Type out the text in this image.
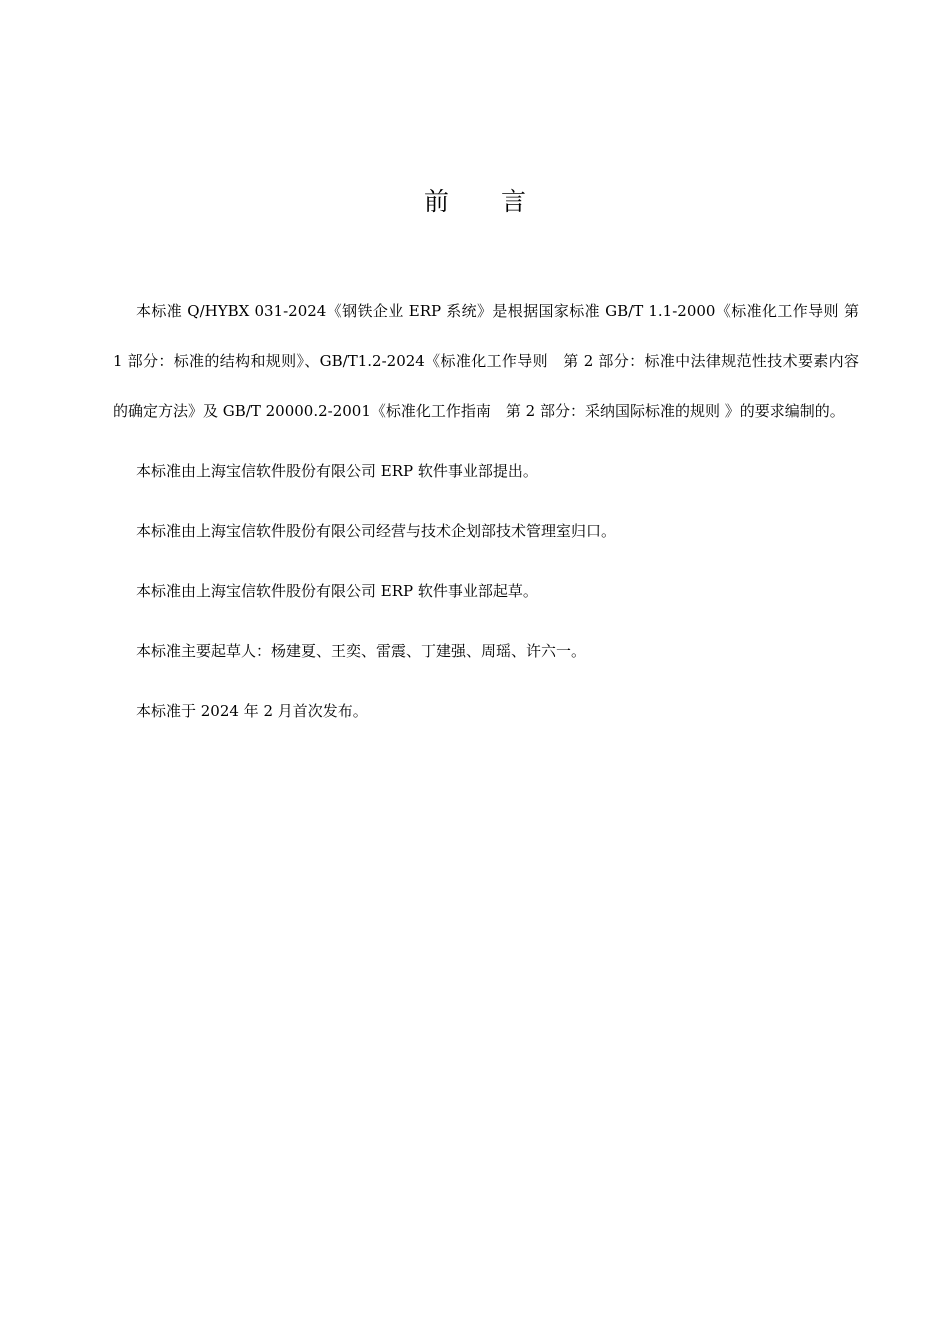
前言

本标准 Q/HYBX 031-2024《钢铁企业 ERP 系统》是根据国家标准 GB/T 1.1-2000《标准化工作导则 第 1 部分：标准的结构和规则》、GB/T1.2-2024《标准化工作导则　第 2 部分：标准中法律规范性技术要素内容的确定方法》及 GB/T 20000.2-2001《标准化工作指南　第 2 部分：采纳国际标准的规则 》的要求编制的。

本标准由上海宝信软件股份有限公司 ERP 软件事业部提出。

本标准由上海宝信软件股份有限公司经营与技术企划部技术管理室归口。

本标准由上海宝信软件股份有限公司 ERP 软件事业部起草。

本标准主要起草人：杨建夏、王奕、雷震、丁建强、周瑶、许六一。

本标准于 2024 年 2 月首次发布。
